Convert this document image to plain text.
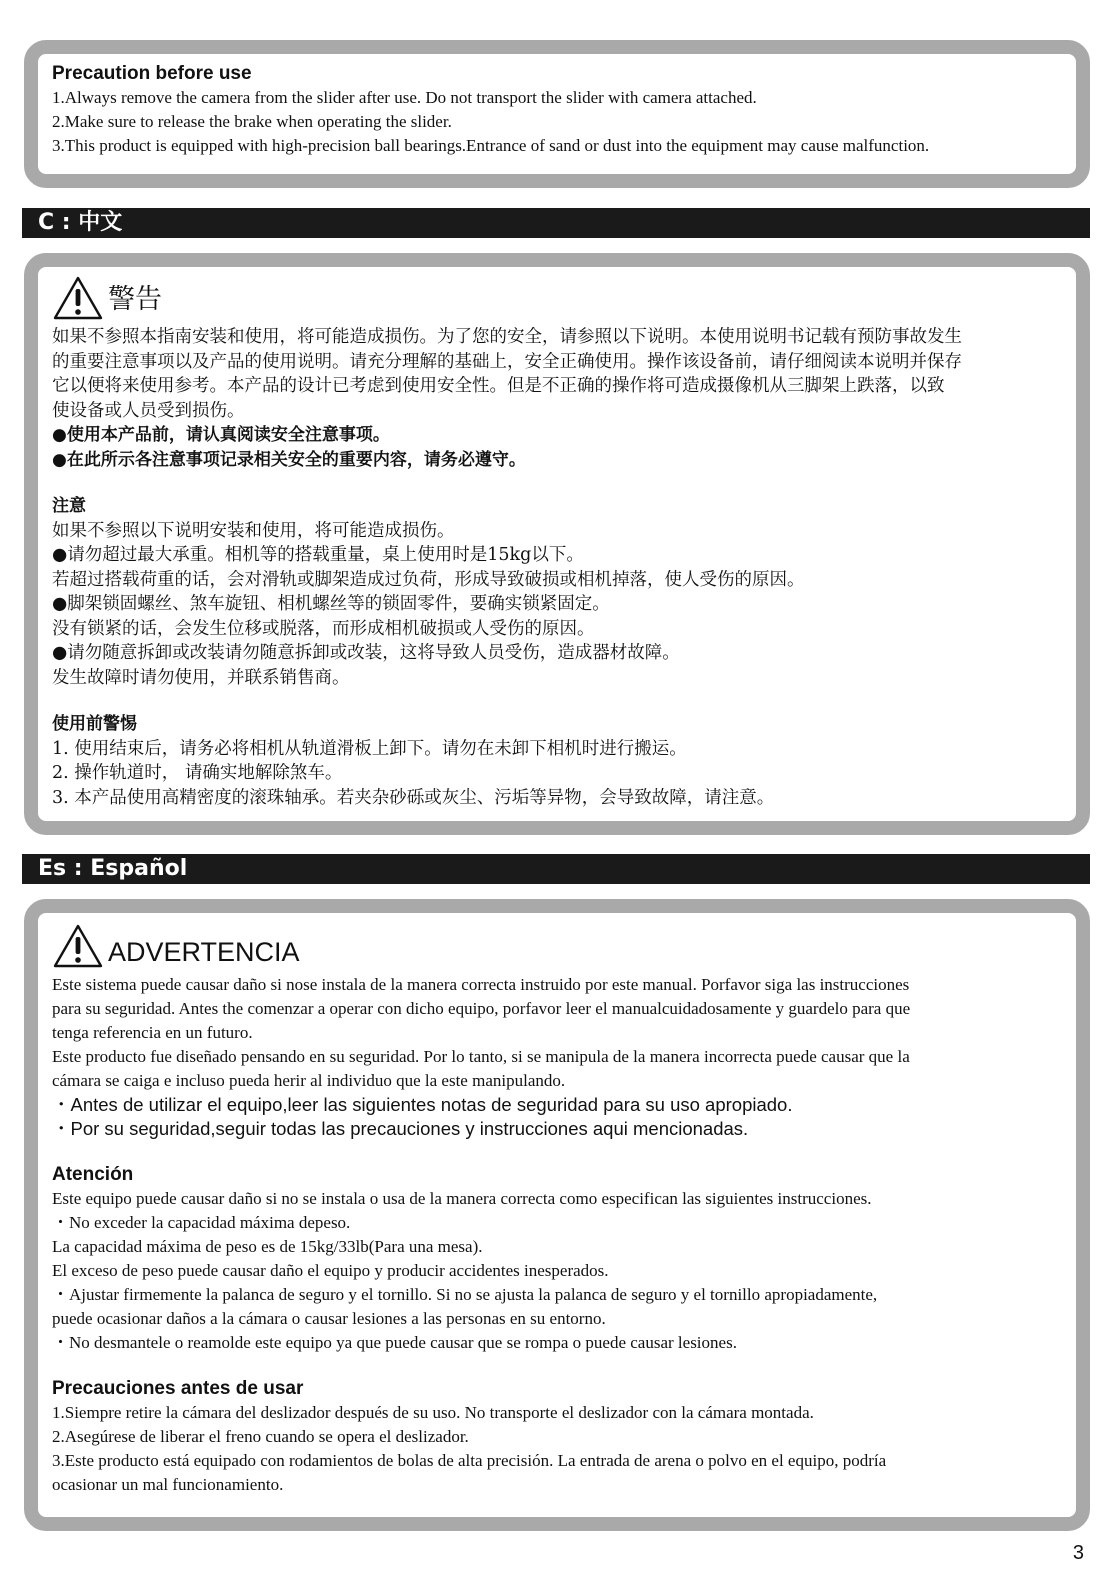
Precaution before use

1.Always remove the camera from the slider after use. Do not transport the slider with camera attached.

2.Make sure to release the brake when operating the slider.

3.This product is equipped with high-precision ball bearings.Entrance of sand or dust into the equipment may cause malfunction.

C : 中文
警告

如果不参照本指南安装和使用，将可能造成损伤。为了您的安全，请参照以下说明。本使用说明书记载有预防事故发生

的重要注意事项以及产品的使用说明。请充分理解的基础上，安全正确使用。操作该设备前，请仔细阅读本说明并保存

它以便将来使用参考。本产品的设计已考虑到使用安全性。但是不正确的操作将可造成摄像机从三脚架上跌落，以致

使设备或人员受到损伤。

●使用本产品前，请认真阅读安全注意事项。

●在此所示各注意事项记录相关安全的重要内容，请务必遵守。

注意

如果不参照以下说明安装和使用，将可能造成损伤。

●请勿超过最大承重。相机等的搭载重量，桌上使用时是15kg以下。

若超过搭载荷重的话，会对滑轨或脚架造成过负荷，形成导致破损或相机掉落，使人受伤的原因。

●脚架锁固螺丝、煞车旋钮、相机螺丝等的锁固零件，要确实锁紧固定。

没有锁紧的话，会发生位移或脱落，而形成相机破损或人受伤的原因。

●请勿随意拆卸或改装请勿随意拆卸或改装，这将导致人员受伤，造成器材故障。

发生故障时请勿使用，并联系销售商。

使用前警惕

1. 使用结束后，请务必将相机从轨道滑板上卸下。请勿在未卸下相机时进行搬运。

2. 操作轨道时， 请确实地解除煞车。

3. 本产品使用高精密度的滚珠轴承。若夹杂砂砾或灰尘、污垢等异物，会导致故障，请注意。

Es : Español
ADVERTENCIA

Este sistema puede causar daño si nose instala de la manera correcta instruido por este manual. Porfavor siga las instrucciones

para su seguridad. Antes the comenzar a operar con dicho equipo, porfavor leer el manualcuidadosamente y guardelo para que

tenga referencia en un futuro.

Este producto fue diseñado pensando en su seguridad. Por lo tanto, si se manipula de la manera incorrecta puede causar que la

cámara se caiga e incluso pueda herir al individuo que la este manipulando.

・Antes de utilizar el equipo,leer las siguientes notas de seguridad para su uso apropiado.

・Por su seguridad,seguir todas las precauciones y instrucciones aqui mencionadas.

Atención

Este equipo puede causar daño si no se instala o usa de la manera correcta como especifican las siguientes instrucciones.

・No exceder la capacidad máxima depeso.

La capacidad máxima de peso es de 15kg/33lb(Para una mesa).

El exceso de peso puede causar daño el equipo y producir accidentes inesperados.

・Ajustar firmemente la palanca de seguro y el tornillo. Si no se ajusta la palanca de seguro y el tornillo apropiadamente,

puede ocasionar daños a la cámara o causar lesiones a las personas en su entorno.

・No desmantele o reamolde este equipo ya que puede causar que se rompa o puede causar lesiones.

Precauciones antes de usar

1.Siempre retire la cámara del deslizador después de su uso. No transporte el deslizador con la cámara montada.

2.Asegúrese de liberar el freno cuando se opera el deslizador.

3.Este producto está equipado con rodamientos de bolas de alta precisión. La entrada de arena o polvo en el equipo, podría

ocasionar un mal funcionamiento.

3
